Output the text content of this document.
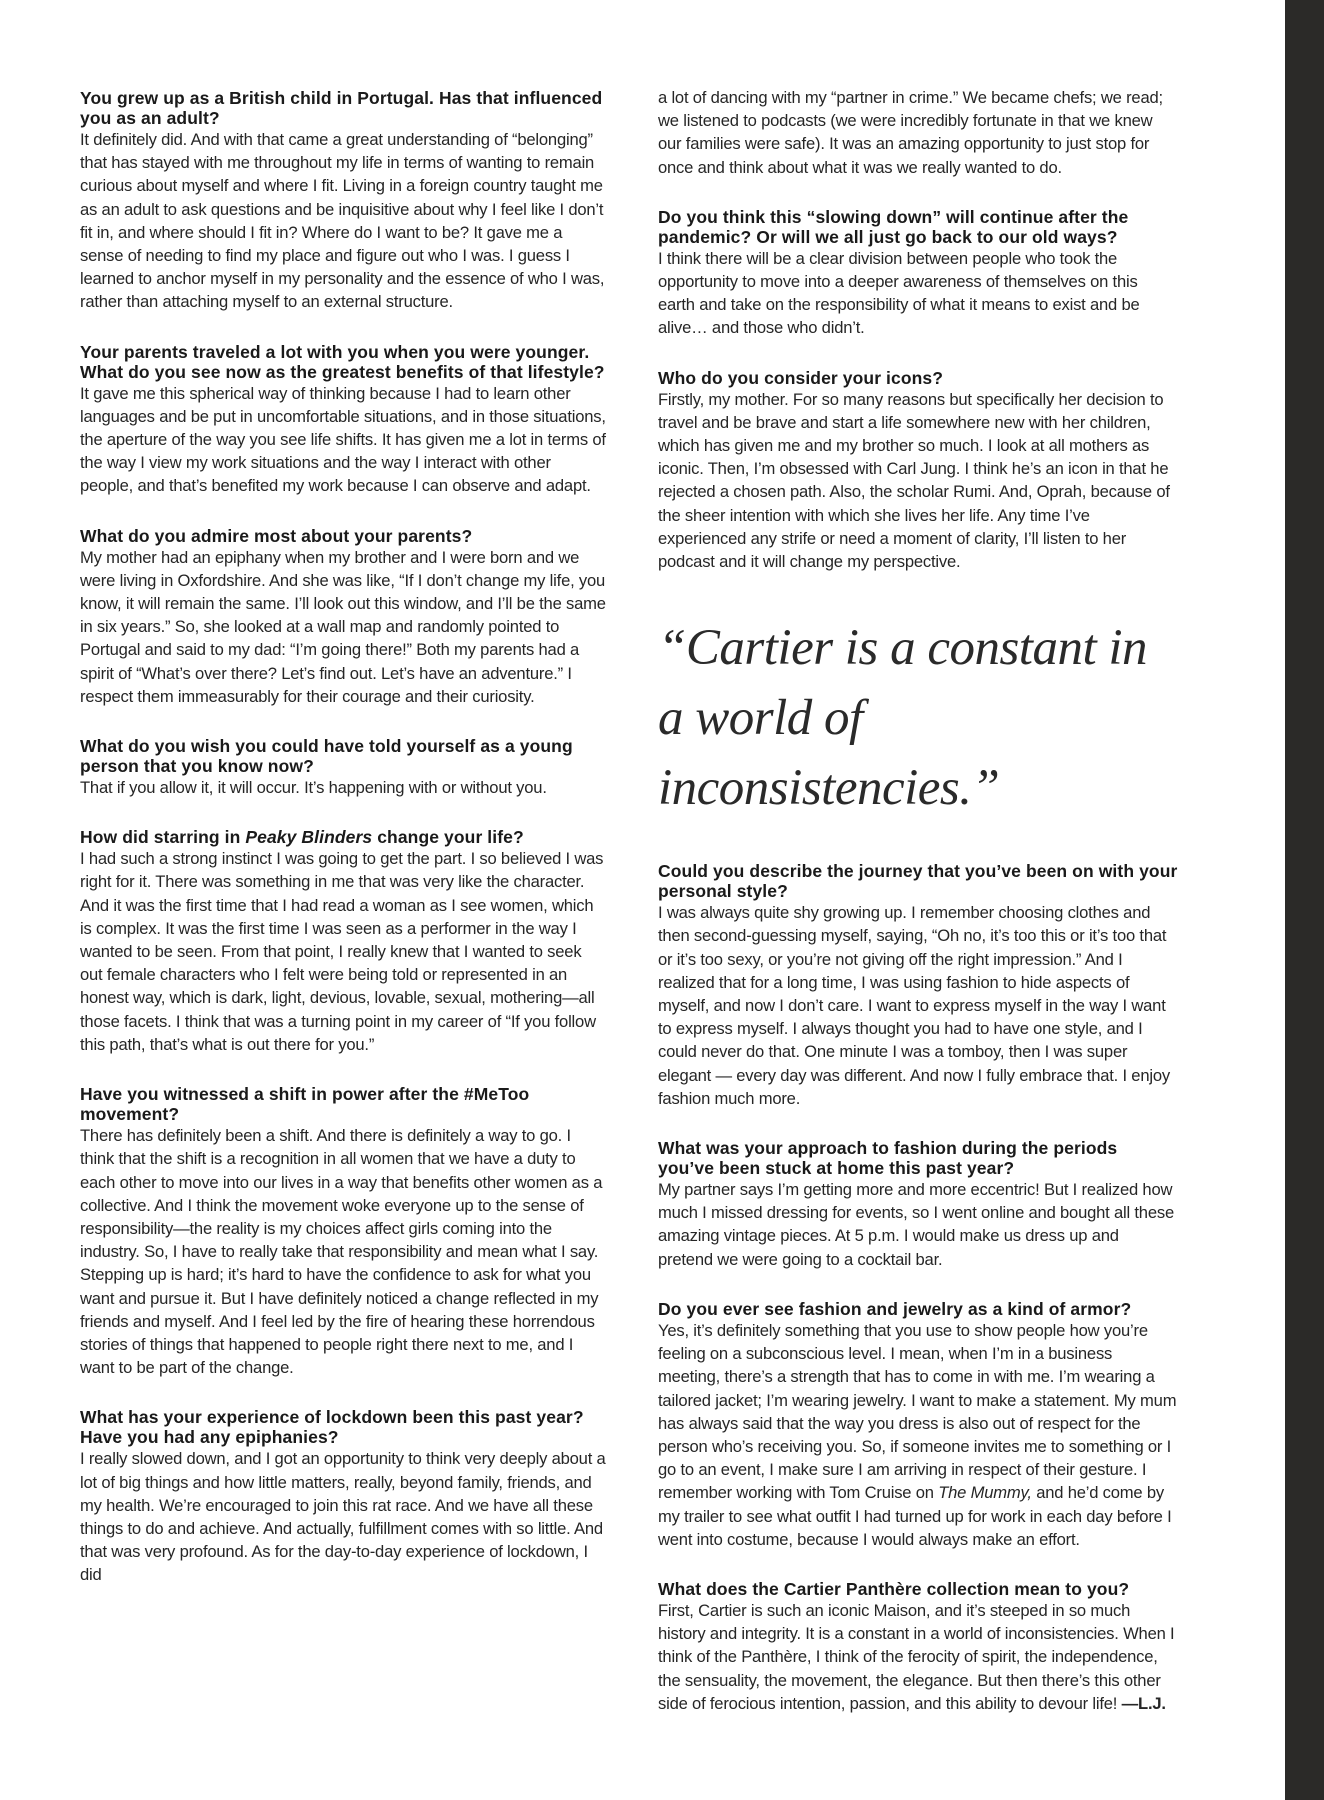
You grew up as a British child in Portugal. Has that influenced you as an adult?

It definitely did. And with that came a great understanding of “belonging” that has stayed with me throughout my life in terms of wanting to remain curious about myself and where I fit. Living in a foreign country taught me as an adult to ask questions and be inquisitive about why I feel like I don’t fit in, and where should I fit in? Where do I want to be? It gave me a sense of needing to find my place and figure out who I was. I guess I learned to anchor myself in my personality and the essence of who I was, rather than attaching myself to an external structure.

Your parents traveled a lot with you when you were younger. What do you see now as the greatest benefits of that lifestyle?

It gave me this spherical way of thinking because I had to learn other languages and be put in uncomfortable situations, and in those situations, the aperture of the way you see life shifts. It has given me a lot in terms of the way I view my work situations and the way I interact with other people, and that’s benefited my work because I can observe and adapt.

What do you admire most about your parents?

My mother had an epiphany when my brother and I were born and we were living in Oxfordshire. And she was like, “If I don’t change my life, you know, it will remain the same. I’ll look out this window, and I’ll be the same in six years.” So, she looked at a wall map and randomly pointed to Portugal and said to my dad: “I’m going there!” Both my parents had a spirit of “What’s over there? Let’s find out. Let’s have an adventure.” I respect them immeasurably for their courage and their curiosity.

What do you wish you could have told yourself as a young person that you know now?

That if you allow it, it will occur. It’s happening with or without you.

How did starring in Peaky Blinders change your life?

I had such a strong instinct I was going to get the part. I so believed I was right for it. There was something in me that was very like the character. And it was the first time that I had read a woman as I see women, which is complex. It was the first time I was seen as a performer in the way I wanted to be seen. From that point, I really knew that I wanted to seek out female characters who I felt were being told or represented in an honest way, which is dark, light, devious, lovable, sexual, mothering—all those facets. I think that was a turning point in my career of “If you follow this path, that’s what is out there for you.”

Have you witnessed a shift in power after the #MeToo movement?

There has definitely been a shift. And there is definitely a way to go. I think that the shift is a recognition in all women that we have a duty to each other to move into our lives in a way that benefits other women as a collective. And I think the movement woke everyone up to the sense of responsibility—the reality is my choices affect girls coming into the industry. So, I have to really take that responsibility and mean what I say. Stepping up is hard; it’s hard to have the confidence to ask for what you want and pursue it. But I have definitely noticed a change reflected in my friends and myself. And I feel led by the fire of hearing these horrendous stories of things that happened to people right there next to me, and I want to be part of the change.

What has your experience of lockdown been this past year? Have you had any epiphanies?

I really slowed down, and I got an opportunity to think very deeply about a lot of big things and how little matters, really, beyond family, friends, and my health. We’re encouraged to join this rat race. And we have all these things to do and achieve. And actually, fulfillment comes with so little. And that was very profound. As for the day-to-day experience of lockdown, I did

a lot of dancing with my “partner in crime.” We became chefs; we read; we listened to podcasts (we were incredibly fortunate in that we knew our families were safe). It was an amazing opportunity to just stop for once and think about what it was we really wanted to do.

Do you think this “slowing down” will continue after the pandemic? Or will we all just go back to our old ways?

I think there will be a clear division between people who took the opportunity to move into a deeper awareness of themselves on this earth and take on the responsibility of what it means to exist and be alive… and those who didn’t.

Who do you consider your icons?

Firstly, my mother. For so many reasons but specifically her decision to travel and be brave and start a life somewhere new with her children, which has given me and my brother so much. I look at all mothers as iconic. Then, I’m obsessed with Carl Jung. I think he’s an icon in that he rejected a chosen path. Also, the scholar Rumi. And, Oprah, because of the sheer intention with which she lives her life. Any time I’ve experienced any strife or need a moment of clarity, I’ll listen to her podcast and it will change my perspective.

“Cartier is a constant in a world of inconsistencies.”

Could you describe the journey that you’ve been on with your personal style?

I was always quite shy growing up. I remember choosing clothes and then second-guessing myself, saying, “Oh no, it’s too this or it’s too that or it’s too sexy, or you’re not giving off the right impression.” And I realized that for a long time, I was using fashion to hide aspects of myself, and now I don’t care. I want to express myself in the way I want to express myself. I always thought you had to have one style, and I could never do that. One minute I was a tomboy, then I was super elegant — every day was different. And now I fully embrace that. I enjoy fashion much more.

What was your approach to fashion during the periods you’ve been stuck at home this past year?

My partner says I’m getting more and more eccentric! But I realized how much I missed dressing for events, so I went online and bought all these amazing vintage pieces. At 5 p.m. I would make us dress up and pretend we were going to a cocktail bar.

Do you ever see fashion and jewelry as a kind of armor?

Yes, it’s definitely something that you use to show people how you’re feeling on a subconscious level. I mean, when I’m in a business meeting, there’s a strength that has to come in with me. I’m wearing a tailored jacket; I’m wearing jewelry. I want to make a statement. My mum has always said that the way you dress is also out of respect for the person who’s receiving you. So, if someone invites me to something or I go to an event, I make sure I am arriving in respect of their gesture. I remember working with Tom Cruise on The Mummy, and he’d come by my trailer to see what outfit I had turned up for work in each day before I went into costume, because I would always make an effort.

What does the Cartier Panthère collection mean to you?

First, Cartier is such an iconic Maison, and it’s steeped in so much history and integrity. It is a constant in a world of inconsistencies. When I think of the Panthère, I think of the ferocity of spirit, the independence, the sensuality, the movement, the elegance. But then there’s this other side of ferocious intention, passion, and this ability to devour life! —L.J.
